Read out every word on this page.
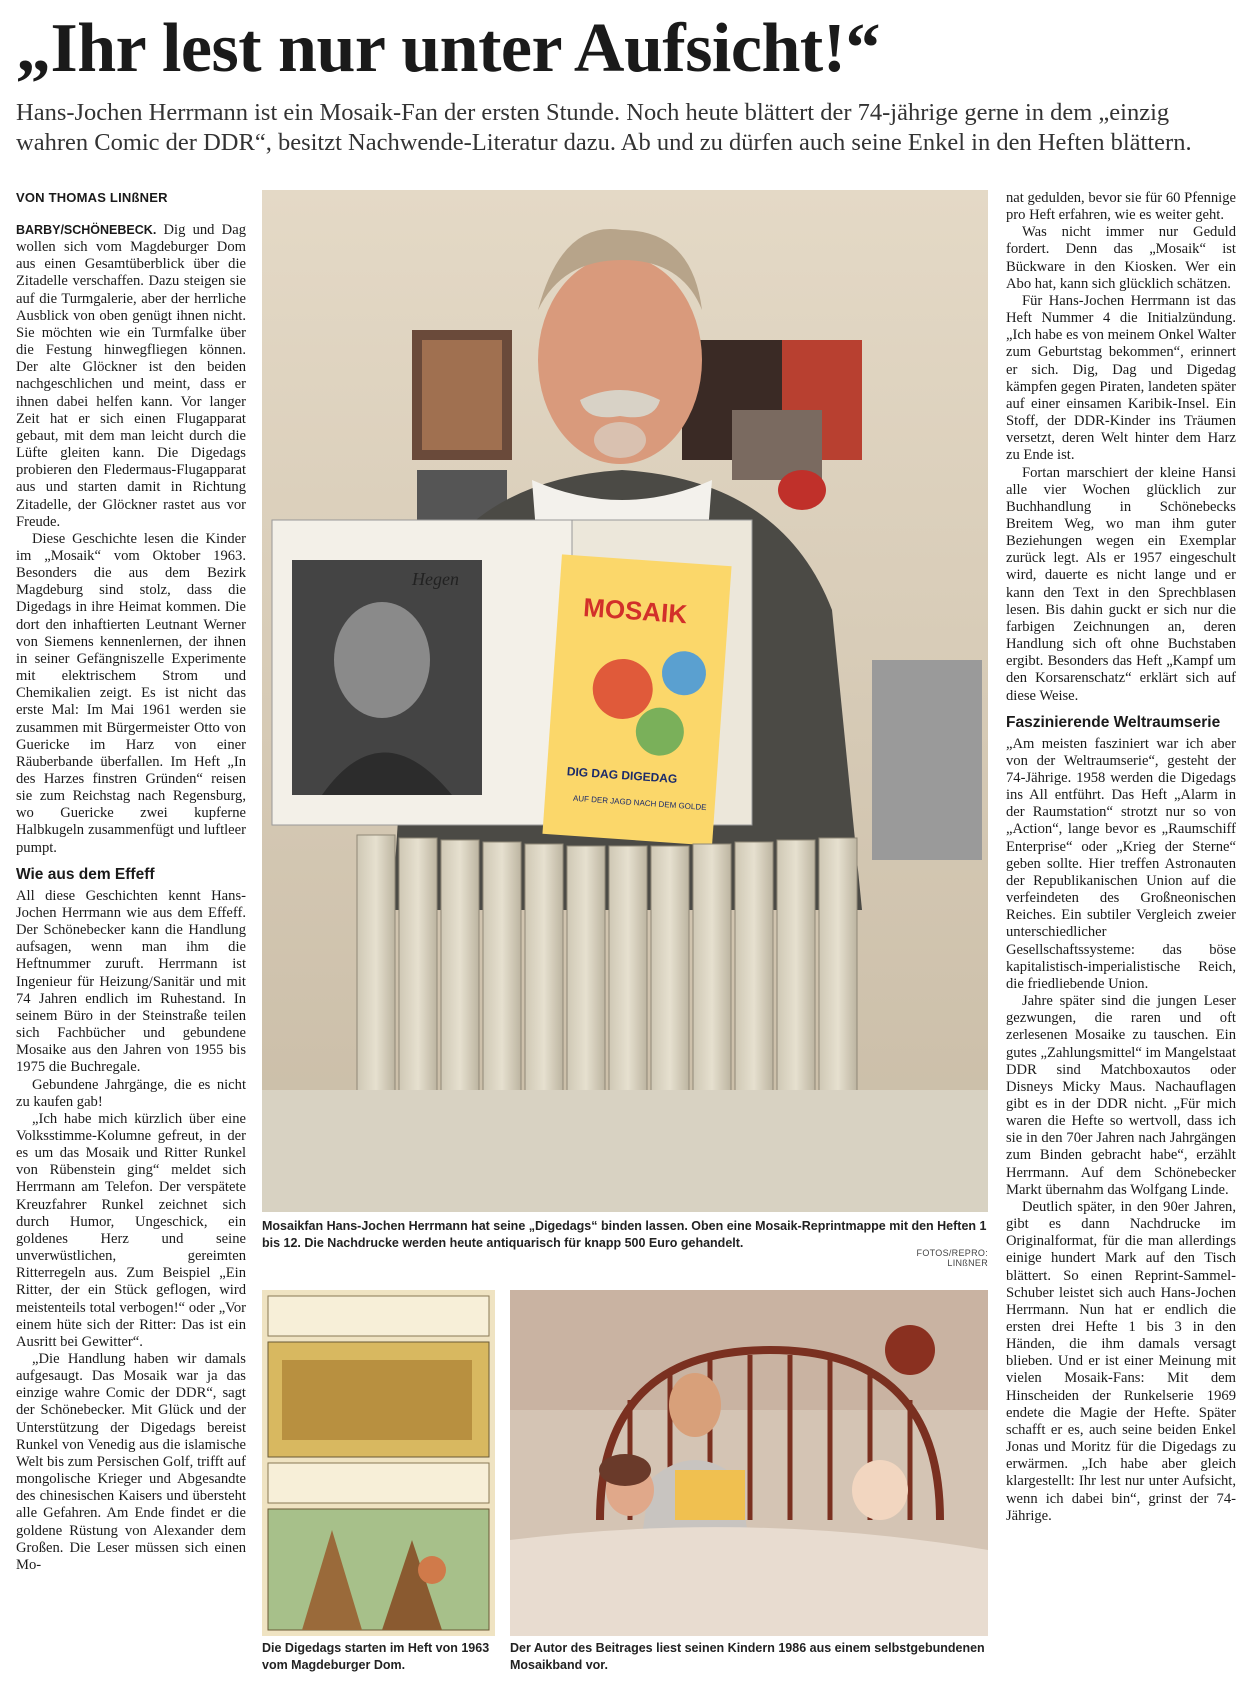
„Ihr lest nur unter Aufsicht!“
Hans-Jochen Herrmann ist ein Mosaik-Fan der ersten Stunde. Noch heute blättert der 74-jährige gerne in dem „einzig wahren Comic der DDR“, besitzt Nachwende-Literatur dazu. Ab und zu dürfen auch seine Enkel in den Heften blättern.
VON THOMAS LINßNER

BARBY/SCHÖNEBECK. Dig und Dag wollen sich vom Magdeburger Dom aus einen Gesamtüberblick über die Zitadelle verschaffen. Dazu steigen sie auf die Turmgalerie, aber der herrliche Ausblick von oben genügt ihnen nicht. Sie möchten wie ein Turmfalke über die Festung hinwegfliegen können. Der alte Glöckner ist den beiden nachgeschlichen und meint, dass er ihnen dabei helfen kann. Vor langer Zeit hat er sich einen Flugapparat gebaut, mit dem man leicht durch die Lüfte gleiten kann. Die Digedags probieren den Fledermaus-Flugapparat aus und starten damit in Richtung Zitadelle, der Glöckner rastet aus vor Freude.

Diese Geschichte lesen die Kinder im „Mosaik“ vom Oktober 1963. Besonders die aus dem Bezirk Magdeburg sind stolz, dass die Digedags in ihre Heimat kommen. Die dort den inhaftierten Leutnant Werner von Siemens kennenlernen, der ihnen in seiner Gefängniszelle Experimente mit elektrischem Strom und Chemikalien zeigt. Es ist nicht das erste Mal: Im Mai 1961 werden sie zusammen mit Bürgermeister Otto von Guericke im Harz von einer Räuberbande überfallen. Im Heft „In des Harzes finstren Gründen“ reisen sie zum Reichstag nach Regensburg, wo Guericke zwei kupferne Halbkugeln zusammenfügt und luftleer pumpt.

Wie aus dem Effeff

All diese Geschichten kennt Hans-Jochen Herrmann wie aus dem Effeff. Der Schönebecker kann die Handlung aufsagen, wenn man ihm die Heftnummer zuruft. Herrmann ist Ingenieur für Heizung/Sanitär und mit 74 Jahren endlich im Ruhestand. In seinem Büro in der Steinstraße teilen sich Fachbücher und gebundene Mosaike aus den Jahren von 1955 bis 1975 die Buchregale.

Gebundene Jahrgänge, die es nicht zu kaufen gab!

„Ich habe mich kürzlich über eine Volksstimme-Kolumne gefreut, in der es um das Mosaik und Ritter Runkel von Rübenstein ging“ meldet sich Herrmann am Telefon. Der verspätete Kreuzfahrer Runkel zeichnet sich durch Humor, Ungeschick, ein goldenes Herz und seine unverwüstlichen, gereimten Ritterregeln aus. Zum Beispiel „Ein Ritter, der ein Stück geflogen, wird meistenteils total verbogen!“ oder „Vor einem hüte sich der Ritter: Das ist ein Ausritt bei Gewitter“.

„Die Handlung haben wir damals aufgesaugt. Das Mosaik war ja das einzige wahre Comic der DDR“, sagt der Schönebecker. Mit Glück und der Unterstützung der Digedags bereist Runkel von Venedig aus die islamische Welt bis zum Persischen Golf, trifft auf mongolische Krieger und Abgesandte des chinesischen Kaisers und übersteht alle Gefahren. Am Ende findet er die goldene Rüstung von Alexander dem Großen. Die Leser müssen sich einen Mo-

Hegen
MOSAIK
DIG DAG DIGEDAG
AUF DER JAGD NACH DEM GOLDE
Mosaikfan Hans-Jochen Herrmann hat seine „Digedags“ binden lassen. Oben eine Mosaik-Reprintmappe mit den Heften 1 bis 12. Die Nachdrucke werden heute antiquarisch für knapp 500 Euro gehandelt.
FOTOS/REPRO: LINßNER
Die Digedags starten im Heft von 1963 vom Magdeburger Dom.
Der Autor des Beitrages liest seinen Kindern 1986 aus einem selbstgebundenen Mosaikband vor.

nat gedulden, bevor sie für 60 Pfennige pro Heft erfahren, wie es weiter geht.

Was nicht immer nur Geduld fordert. Denn das „Mosaik“ ist Bückware in den Kiosken. Wer ein Abo hat, kann sich glücklich schätzen.

Für Hans-Jochen Herrmann ist das Heft Nummer 4 die Initialzündung. „Ich habe es von meinem Onkel Walter zum Geburtstag bekommen“, erinnert er sich. Dig, Dag und Digedag kämpfen gegen Piraten, landeten später auf einer einsamen Karibik-Insel. Ein Stoff, der DDR-Kinder ins Träumen versetzt, deren Welt hinter dem Harz zu Ende ist.

Fortan marschiert der kleine Hansi alle vier Wochen glücklich zur Buchhandlung in Schönebecks Breitem Weg, wo man ihm guter Beziehungen wegen ein Exemplar zurück legt. Als er 1957 eingeschult wird, dauerte es nicht lange und er kann den Text in den Sprechblasen lesen. Bis dahin guckt er sich nur die farbigen Zeichnungen an, deren Handlung sich oft ohne Buchstaben ergibt. Besonders das Heft „Kampf um den Korsarenschatz“ erklärt sich auf diese Weise.

Faszinierende Weltraumserie

„Am meisten fasziniert war ich aber von der Weltraumserie“, gesteht der 74-Jährige. 1958 werden die Digedags ins All entführt. Das Heft „Alarm in der Raumstation“ strotzt nur so von „Action“, lange bevor es „Raumschiff Enterprise“ oder „Krieg der Sterne“ geben sollte. Hier treffen Astronauten der Republikanischen Union auf die verfeindeten des Großneonischen Reiches. Ein subtiler Vergleich zweier unterschiedlicher Gesellschaftssysteme: das böse kapitalistisch-imperialistische Reich, die friedliebende Union.

Jahre später sind die jungen Leser gezwungen, die raren und oft zerlesenen Mosaike zu tauschen. Ein gutes „Zahlungsmittel“ im Mangelstaat DDR sind Matchboxautos oder Disneys Micky Maus. Nachauflagen gibt es in der DDR nicht. „Für mich waren die Hefte so wertvoll, dass ich sie in den 70er Jahren nach Jahrgängen zum Binden gebracht habe“, erzählt Herrmann. Auf dem Schönebecker Markt übernahm das Wolfgang Linde.

Deutlich später, in den 90er Jahren, gibt es dann Nachdrucke im Originalformat, für die man allerdings einige hundert Mark auf den Tisch blättert. So einen Reprint-Sammel-Schuber leistet sich auch Hans-Jochen Herrmann. Nun hat er endlich die ersten drei Hefte 1 bis 3 in den Händen, die ihm damals versagt blieben. Und er ist einer Meinung mit vielen Mosaik-Fans: Mit dem Hinscheiden der Runkelserie 1969 endete die Magie der Hefte. Später schafft er es, auch seine beiden Enkel Jonas und Moritz für die Digedags zu erwärmen. „Ich habe aber gleich klargestellt: Ihr lest nur unter Aufsicht, wenn ich dabei bin“, grinst der 74-Jährige.
